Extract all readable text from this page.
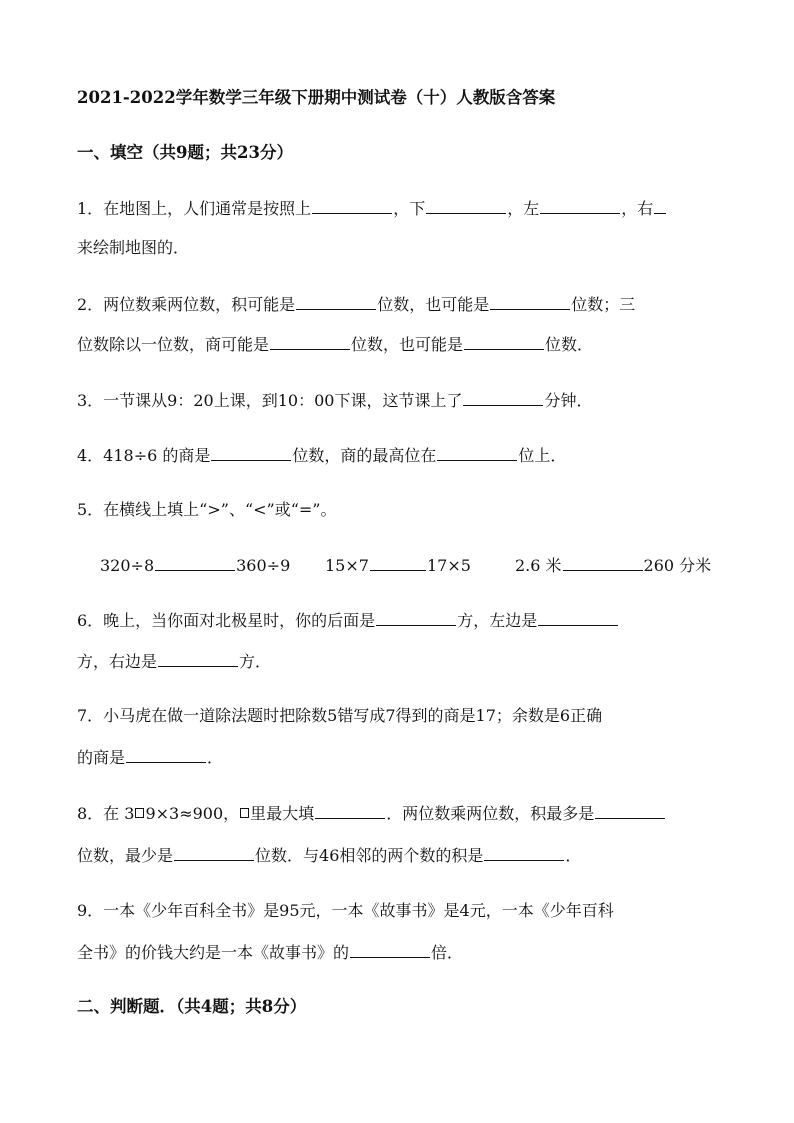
2021-2022学年数学三年级下册期中测试卷（十）人教版含答案
一、填空（共9题；共23分）
1．在地图上，人们通常是按照上	，下	，左	，右
来绘制地图的．
2．两位数乘两位数，积可能是	位数，也可能是	位数；三
位数除以一位数，商可能是	位数，也可能是	位数．
3．一节课从9：20上课，到10：00下课，这节课上了	分钟．
4．418÷6 的商是	位数，商的最高位在	位上．
5．在横线上填上“>”、“<”或“=”。
320÷8	360÷9 15×7	17×5	2.6 米	260 分米
6．晚上，当你面对北极星时，你的后面是	方，左边是
方，右边是	方．
7．小马虎在做一道除法题时把除数5错写成7得到的商是17；余数是6正确
的商是	．
8．在 3 9×3≈900， 里最大填	．两位数乘两位数，积最多是
位数，最少是	位数．与46相邻的两个数的积是	．
9．一本《少年百科全书》是95元，一本《故事书》是4元，一本《少年百科
全书》的价钱大约是一本《故事书》的	倍．
二、判断题．（共4题；共8分）
